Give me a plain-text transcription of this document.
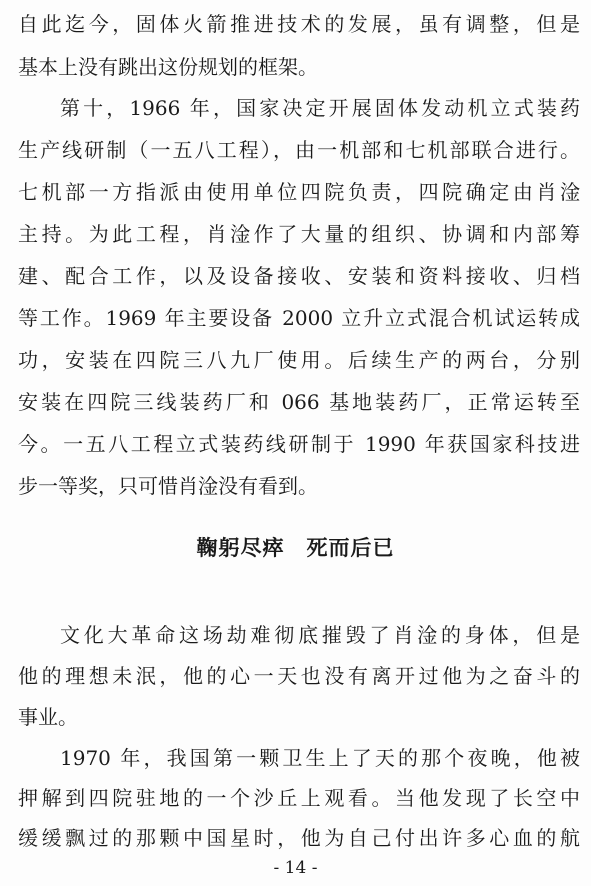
自此迄今，固体火箭推进技术的发展，虽有调整，但是
基本上没有跳出这份规划的框架。
第十，1966 年，国家决定开展固体发动机立式装药
生产线研制（一五八工程），由一机部和七机部联合进行。
七机部一方指派由使用单位四院负责，四院确定由肖淦
主持。为此工程，肖淦作了大量的组织、协调和内部筹
建、配合工作，以及设备接收、安装和资料接收、归档
等工作。1969 年主要设备 2000 立升立式混合机试运转成
功，安装在四院三八九厂使用。后续生产的两台，分别
安装在四院三线装药厂和 066 基地装药厂，正常运转至
今。一五八工程立式装药线研制于 1990 年获国家科技进
步一等奖，只可惜肖淦没有看到。
鞠躬尽瘁　死而后已
文化大革命这场劫难彻底摧毁了肖淦的身体，但是
他的理想未泯，他的心一天也没有离开过他为之奋斗的
事业。
1970 年，我国第一颗卫生上了天的那个夜晚，他被
押解到四院驻地的一个沙丘上观看。当他发现了长空中
缓缓飘过的那颗中国星时，他为自己付出许多心血的航
- 14 -
